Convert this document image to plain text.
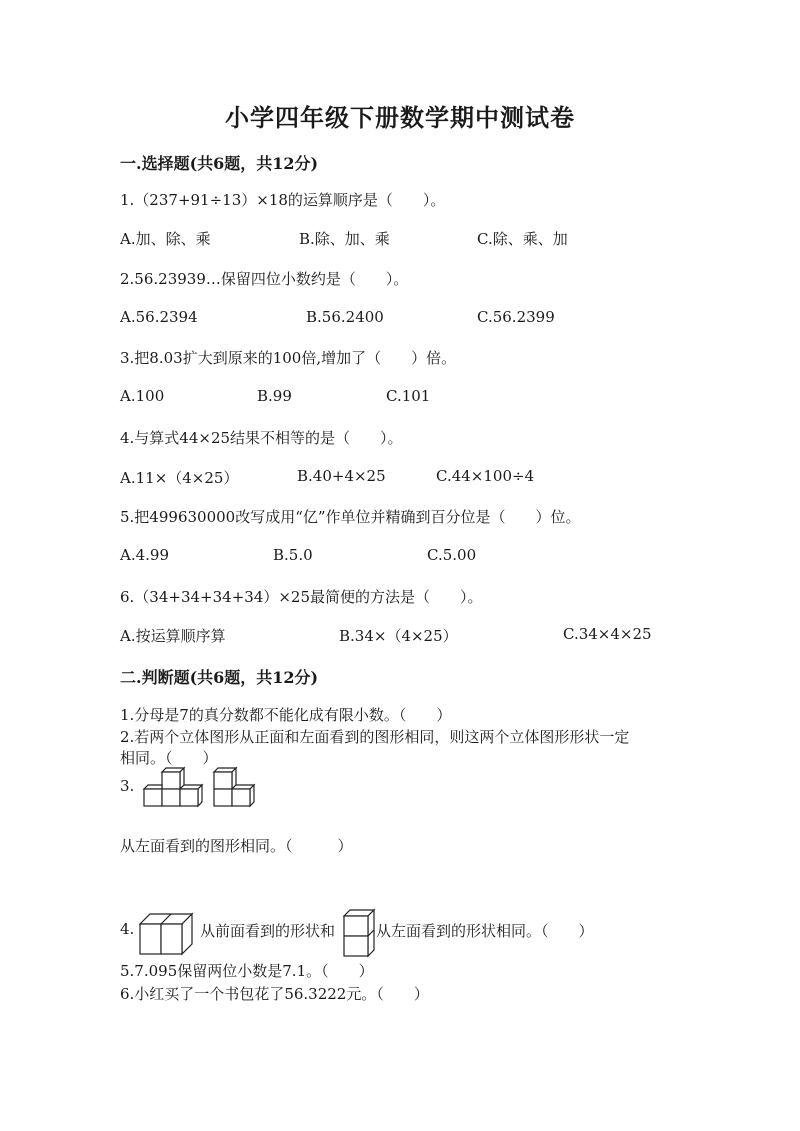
小学四年级下册数学期中测试卷
一.选择题(共6题，共12分)
1.（237+91÷13）×18的运算顺序是（　　）。
A.加、除、乘	B.除、加、乘	C.除、乘、加
2.56.23939…保留四位小数约是（　　）。
A.56.2394	B.56.2400	C.56.2399
3.把8.03扩大到原来的100倍,增加了（　　）倍。
A.100	B.99	C.101
4.与算式44×25结果不相等的是（　　）。
A.11×（4×25）	B.40+4×25	C.44×100÷4
5.把499630000改写成用“亿”作单位并精确到百分位是（　　）位。
A.4.99	B.5.0	C.5.00
6.（34+34+34+34）×25最简便的方法是（　　）。
A.按运算顺序算	B.34×（4×25）	C.34×4×25
二.判断题(共6题，共12分)
1.分母是7的真分数都不能化成有限小数。（　　）
2.若两个立体图形从正面和左面看到的图形相同，则这两个立体图形形状一定
相同。（　　）
3.
从左面看到的图形相同。（　　　）
4.	从前面看到的形状和	从左面看到的形状相同。（　　）
5.7.095保留两位小数是7.1。（　　）
6.小红买了一个书包花了56.3222元。（　　）
